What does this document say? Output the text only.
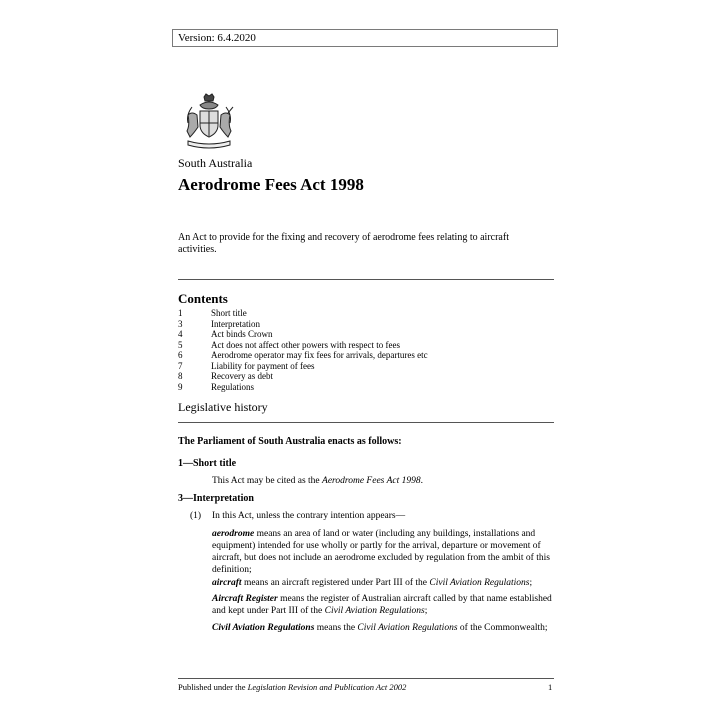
Version: 6.4.2020
South Australia
Aerodrome Fees Act 1998
An Act to provide for the fixing and recovery of aerodrome fees relating to aircraft activities.
Contents
1	Short title
3	Interpretation
4	Act binds Crown
5	Act does not affect other powers with respect to fees
6	Aerodrome operator may fix fees for arrivals, departures etc
7	Liability for payment of fees
8	Recovery as debt
9	Regulations
Legislative history
The Parliament of South Australia enacts as follows:
1—Short title
This Act may be cited as the Aerodrome Fees Act 1998.
3—Interpretation
(1) In this Act, unless the contrary intention appears—
aerodrome means an area of land or water (including any buildings, installations and equipment) intended for use wholly or partly for the arrival, departure or movement of aircraft, but does not include an aerodrome excluded by regulation from the ambit of this definition;
aircraft means an aircraft registered under Part III of the Civil Aviation Regulations;
Aircraft Register means the register of Australian aircraft called by that name established and kept under Part III of the Civil Aviation Regulations;
Civil Aviation Regulations means the Civil Aviation Regulations of the Commonwealth;
Published under the Legislation Revision and Publication Act 2002	1
